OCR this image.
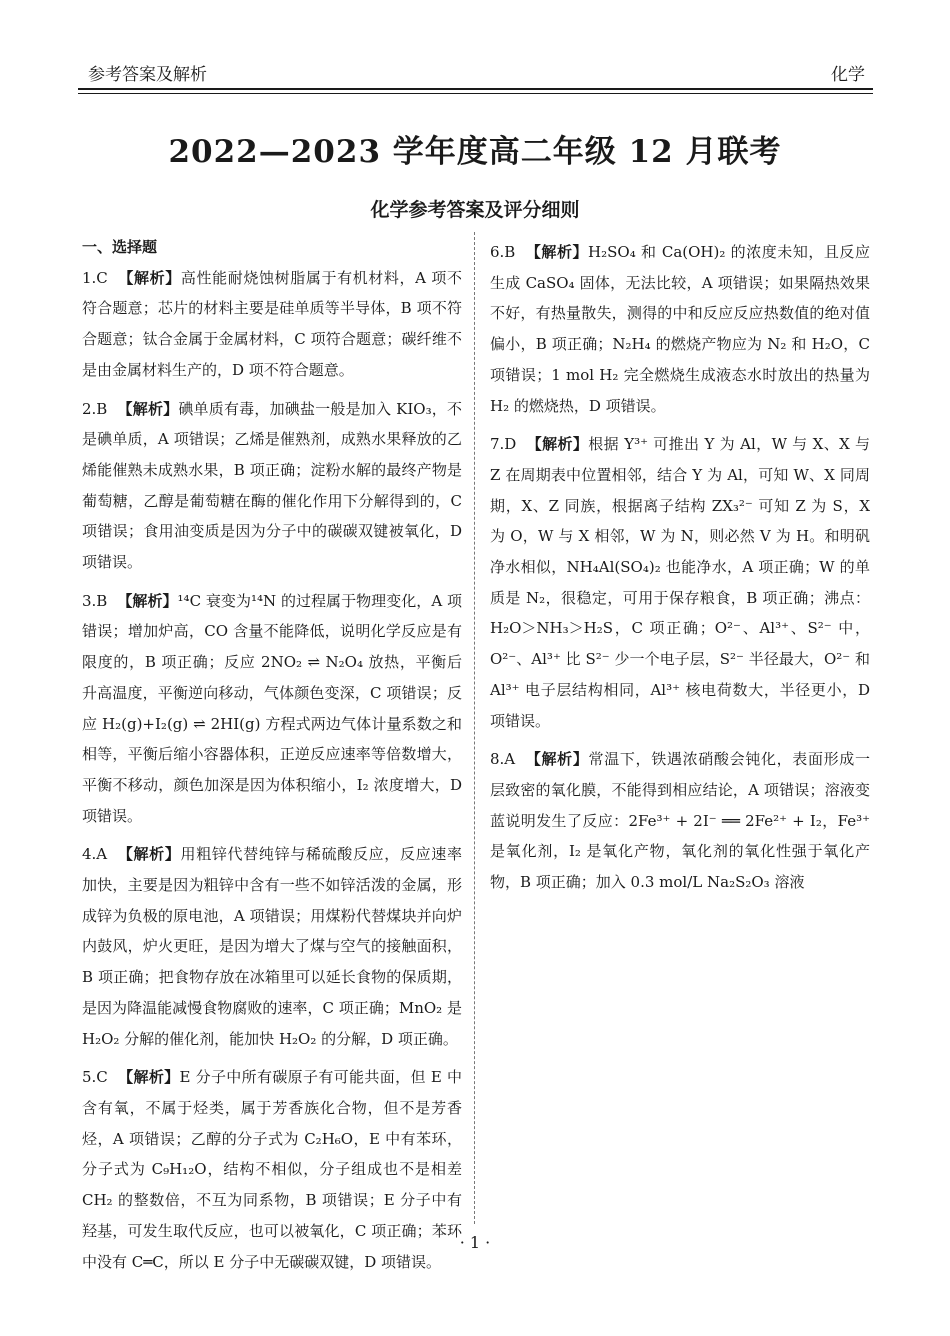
参考答案及解析	化学
2022—2023 学年度高二年级 12 月联考
化学参考答案及评分细则
一、选择题
1.C 【解析】高性能耐烧蚀树脂属于有机材料，A 项不符合题意；芯片的材料主要是硅单质等半导体，B 项不符合题意；钛合金属于金属材料，C 项符合题意；碳纤维不是由金属材料生产的，D 项不符合题意。
2.B 【解析】碘单质有毒，加碘盐一般是加入 KIO₃，不是碘单质，A 项错误；乙烯是催熟剂，成熟水果释放的乙烯能催熟未成熟水果，B 项正确；淀粉水解的最终产物是葡萄糖，乙醇是葡萄糖在酶的催化作用下分解得到的，C 项错误；食用油变质是因为分子中的碳碳双键被氧化，D 项错误。
3.B 【解析】¹⁴C 衰变为¹⁴N 的过程属于物理变化，A 项错误；增加炉高，CO 含量不能降低，说明化学反应是有限度的，B 项正确；反应 2NO₂ ⇌ N₂O₄ 放热，平衡后升高温度，平衡逆向移动，气体颜色变深，C 项错误；反应 H₂(g)+I₂(g) ⇌ 2HI(g) 方程式两边气体计量系数之和相等，平衡后缩小容器体积，正逆反应速率等倍数增大，平衡不移动，颜色加深是因为体积缩小，I₂ 浓度增大，D 项错误。
4.A 【解析】用粗锌代替纯锌与稀硫酸反应，反应速率加快，主要是因为粗锌中含有一些不如锌活泼的金属，形成锌为负极的原电池，A 项错误；用煤粉代替煤块并向炉内鼓风，炉火更旺，是因为增大了煤与空气的接触面积，B 项正确；把食物存放在冰箱里可以延长食物的保质期，是因为降温能减慢食物腐败的速率，C 项正确；MnO₂ 是 H₂O₂ 分解的催化剂，能加快 H₂O₂ 的分解，D 项正确。
5.C 【解析】E 分子中所有碳原子有可能共面，但 E 中含有氧，不属于烃类，属于芳香族化合物，但不是芳香烃，A 项错误；乙醇的分子式为 C₂H₆O，E 中有苯环，分子式为 C₉H₁₂O，结构不相似，分子组成也不是相差 CH₂ 的整数倍，不互为同系物，B 项错误；E 分子中有羟基，可发生取代反应，也可以被氧化，C 项正确；苯环中没有 C═C，所以 E 分子中无碳碳双键，D 项错误。
6.B 【解析】H₂SO₄ 和 Ca(OH)₂ 的浓度未知，且反应生成 CaSO₄ 固体，无法比较，A 项错误；如果隔热效果不好，有热量散失，测得的中和反应反应热数值的绝对值偏小，B 项正确；N₂H₄ 的燃烧产物应为 N₂ 和 H₂O，C 项错误；1 mol H₂ 完全燃烧生成液态水时放出的热量为 H₂ 的燃烧热，D 项错误。
7.D 【解析】根据 Y³⁺ 可推出 Y 为 Al，W 与 X、X 与 Z 在周期表中位置相邻，结合 Y 为 Al，可知 W、X 同周期，X、Z 同族，根据离子结构 ZX₃²⁻ 可知 Z 为 S，X 为 O，W 与 X 相邻，W 为 N，则必然 V 为 H。和明矾净水相似，NH₄Al(SO₄)₂ 也能净水，A 项正确；W 的单质是 N₂，很稳定，可用于保存粮食，B 项正确；沸点：H₂O＞NH₃＞H₂S，C 项正确；O²⁻、Al³⁺、S²⁻ 中，O²⁻、Al³⁺ 比 S²⁻ 少一个电子层，S²⁻ 半径最大，O²⁻ 和 Al³⁺ 电子层结构相同，Al³⁺ 核电荷数大，半径更小，D 项错误。
8.A 【解析】常温下，铁遇浓硝酸会钝化，表面形成一层致密的氧化膜，不能得到相应结论，A 项错误；溶液变蓝说明发生了反应：2Fe³⁺ + 2I⁻ ══ 2Fe²⁺ + I₂，Fe³⁺ 是氧化剂，I₂ 是氧化产物，氧化剂的氧化性强于氧化产物，B 项正确；加入 0.3 mol/L Na₂S₂O₃ 溶液
· 1 ·
